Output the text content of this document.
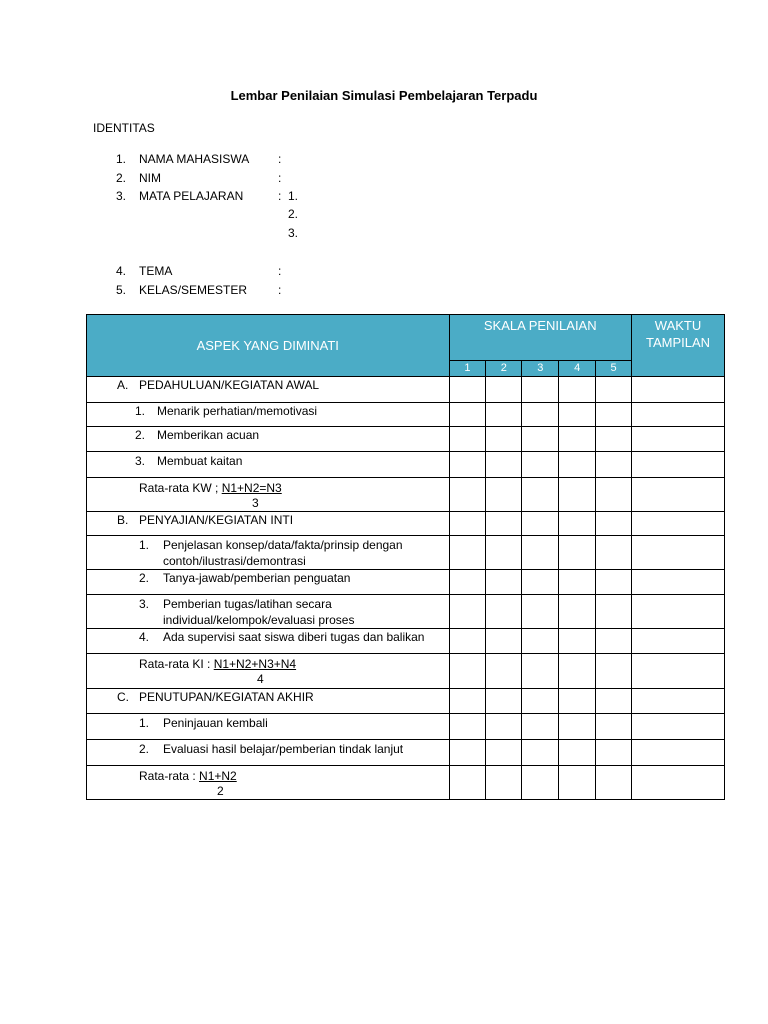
Lembar Penilaian Simulasi Pembelajaran Terpadu
IDENTITAS
1.	NAMA MAHASISWA :
2.	NIM	:
3.	MATA PELAJARAN	: 1.
2.
3.
4.	TEMA	:
5.	KELAS/SEMESTER	:
ASPEK YANG DIMINATI	SKALA PENILAIAN					WAKTU
TAMPILAN
	1	2	3	4	5	

A. PEDAHULUAN/KEGIATAN AWAL						

1. Menarik perhatian/memotivasi						

2. Memberikan acuan						

3. Membuat kaitan						

Rata-rata KW ; N1+N2=N3
3						

B. PENYAJIAN/KEGIATAN INTI						

1. Penjelasan konsep/data/fakta/prinsip dengan
contoh/ilustrasi/demontrasi						

2. Tanya-jawab/pemberian penguatan						

3. Pemberian tugas/latihan secara
individual/kelompok/evaluasi proses						

4. Ada supervisi saat siswa diberi tugas dan balikan						

Rata-rata KI : N1+N2+N3+N4
4						

C. PENUTUPAN/KEGIATAN AKHIR						

1. Peninjauan kembali						

2. Evaluasi hasil belajar/pemberian tindak lanjut						

Rata-rata : N1+N2
2						
